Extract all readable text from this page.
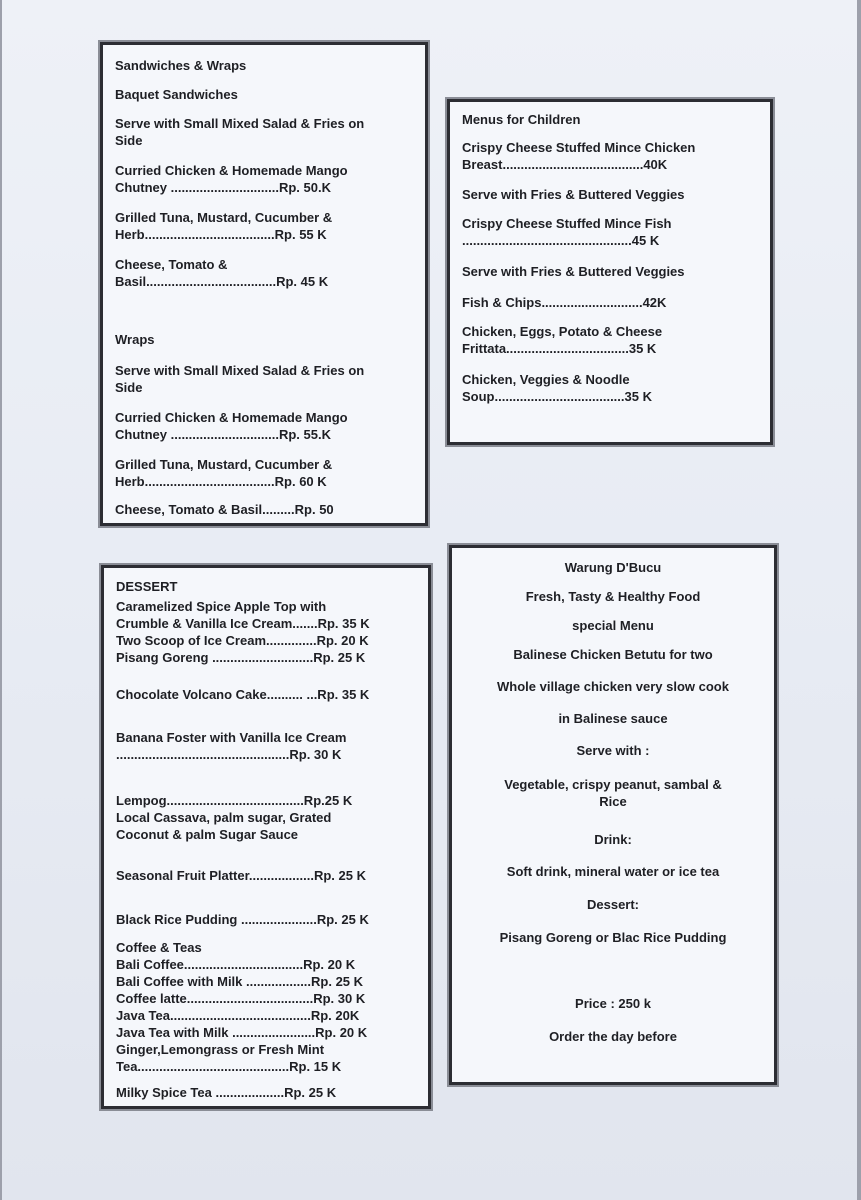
Sandwiches & Wraps

Baquet Sandwiches

Serve with Small Mixed Salad & Fries on
Side

Curried Chicken & Homemade Mango
Chutney ..............................Rp. 50.K

Grilled Tuna, Mustard, Cucumber &
Herb....................................Rp. 55 K

Cheese, Tomato &
Basil....................................Rp. 45 K

Wraps

Serve with Small Mixed Salad & Fries on
Side

Curried Chicken & Homemade Mango
Chutney ..............................Rp. 55.K

Grilled Tuna, Mustard, Cucumber &
Herb....................................Rp. 60 K

Cheese, Tomato & Basil.........Rp. 50

Menus for Children

Crispy Cheese Stuffed Mince Chicken
Breast.......................................40K

Serve with Fries & Buttered Veggies

Crispy Cheese Stuffed Mince Fish
...............................................45 K

Serve with Fries & Buttered Veggies

Fish & Chips............................42K

Chicken, Eggs, Potato & Cheese
Frittata..................................35 K

Chicken, Veggies & Noodle
Soup....................................35 K

DESSERT

Caramelized Spice Apple Top with
Crumble & Vanilla Ice Cream.......Rp. 35 K
Two Scoop of Ice Cream..............Rp. 20 K
Pisang Goreng ............................Rp. 25 K

Chocolate Volcano Cake.......... ...Rp. 35 K

Banana Foster with Vanilla Ice Cream
................................................Rp. 30 K

Lempog......................................Rp.25 K
Local Cassava, palm sugar, Grated
Coconut & palm Sugar Sauce

Seasonal Fruit Platter..................Rp. 25 K

Black Rice Pudding .....................Rp. 25 K

Coffee & Teas
Bali Coffee.................................Rp. 20 K
Bali Coffee with Milk ..................Rp. 25 K
Coffee latte...................................Rp. 30 K
Java Tea.......................................Rp. 20K
Java Tea with Milk .......................Rp. 20 K
Ginger,Lemongrass or Fresh Mint
Tea..........................................Rp. 15 K

Milky Spice Tea ...................Rp. 25 K

Warung D'Bucu

Fresh, Tasty & Healthy Food

special Menu

Balinese Chicken Betutu for two

Whole village chicken very slow cook

in Balinese sauce

Serve with :

Vegetable, crispy peanut, sambal &
Rice

Drink:

Soft drink, mineral water or ice tea

Dessert:

Pisang Goreng or Blac Rice Pudding

Price : 250 k

Order the day before
